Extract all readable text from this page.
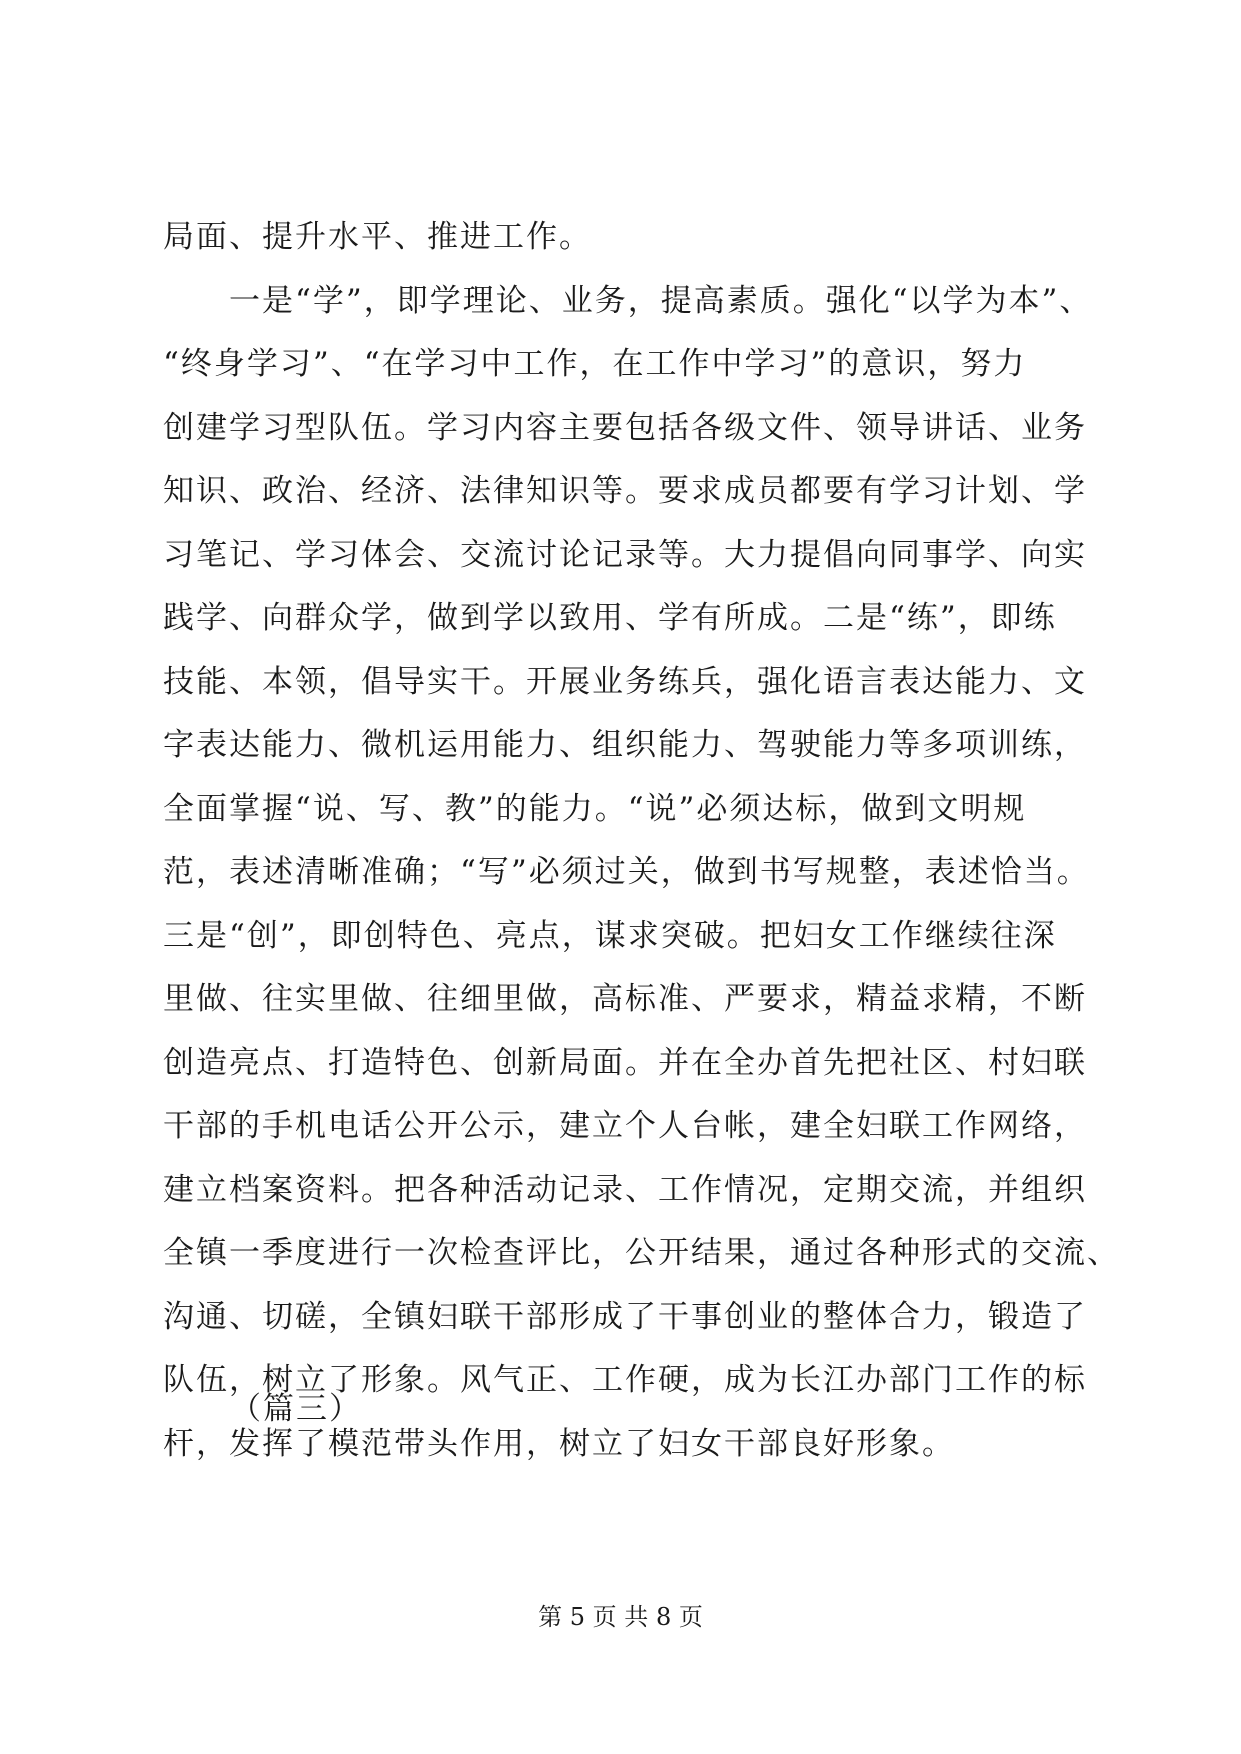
局面、提升水平、推进工作。
一是“学”，即学理论、业务，提高素质。强化“以学为本”、
“终身学习”、“在学习中工作，在工作中学习”的意识，努力
创建学习型队伍。学习内容主要包括各级文件、领导讲话、业务
知识、政治、经济、法律知识等。要求成员都要有学习计划、学
习笔记、学习体会、交流讨论记录等。大力提倡向同事学、向实
践学、向群众学，做到学以致用、学有所成。二是“练”，即练
技能、本领，倡导实干。开展业务练兵，强化语言表达能力、文
字表达能力、微机运用能力、组织能力、驾驶能力等多项训练，
全面掌握“说、写、教”的能力。“说”必须达标，做到文明规
范，表述清晰准确；“写”必须过关，做到书写规整，表述恰当。
三是“创”，即创特色、亮点，谋求突破。把妇女工作继续往深
里做、往实里做、往细里做，高标准、严要求，精益求精，不断
创造亮点、打造特色、创新局面。并在全办首先把社区、村妇联
干部的手机电话公开公示，建立个人台帐，建全妇联工作网络，
建立档案资料。把各种活动记录、工作情况，定期交流，并组织
全镇一季度进行一次检查评比，公开结果，通过各种形式的交流、
沟通、切磋，全镇妇联干部形成了干事创业的整体合力，锻造了
队伍，树立了形象。风气正、工作硬，成为长江办部门工作的标
杆，发挥了模范带头作用，树立了妇女干部良好形象。
（篇三）
第 5 页 共 8 页
